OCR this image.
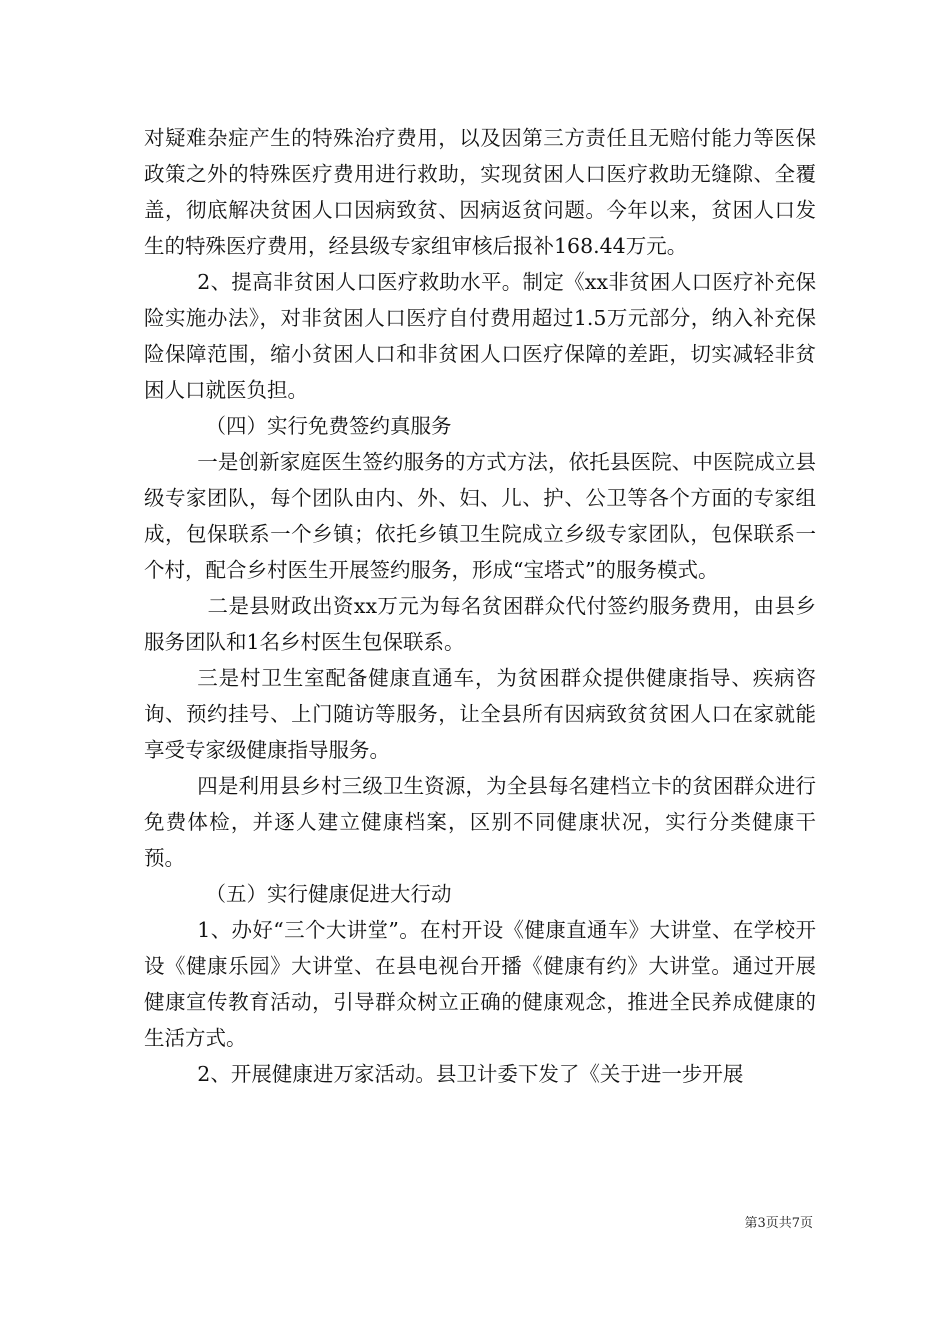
对疑难杂症产生的特殊治疗费用，以及因第三方责任且无赔付能力等医保政策之外的特殊医疗费用进行救助，实现贫困人口医疗救助无缝隙、全覆盖，彻底解决贫困人口因病致贫、因病返贫问题。今年以来，贫困人口发生的特殊医疗费用，经县级专家组审核后报补168.44万元。

2、提高非贫困人口医疗救助水平。制定《xx非贫困人口医疗补充保险实施办法》，对非贫困人口医疗自付费用超过1.5万元部分，纳入补充保险保障范围，缩小贫困人口和非贫困人口医疗保障的差距，切实减轻非贫困人口就医负担。

（四）实行免费签约真服务

一是创新家庭医生签约服务的方式方法，依托县医院、中医院成立县级专家团队，每个团队由内、外、妇、儿、护、公卫等各个方面的专家组成，包保联系一个乡镇；依托乡镇卫生院成立乡级专家团队，包保联系一个村，配合乡村医生开展签约服务，形成“宝塔式”的服务模式。

二是县财政出资xx万元为每名贫困群众代付签约服务费用，由县乡服务团队和1名乡村医生包保联系。

三是村卫生室配备健康直通车，为贫困群众提供健康指导、疾病咨询、预约挂号、上门随访等服务，让全县所有因病致贫贫困人口在家就能享受专家级健康指导服务。

四是利用县乡村三级卫生资源，为全县每名建档立卡的贫困群众进行免费体检，并逐人建立健康档案，区别不同健康状况，实行分类健康干预。

（五）实行健康促进大行动

1、办好“三个大讲堂”。在村开设《健康直通车》大讲堂、在学校开设《健康乐园》大讲堂、在县电视台开播《健康有约》大讲堂。通过开展健康宣传教育活动，引导群众树立正确的健康观念，推进全民养成健康的生活方式。

2、开展健康进万家活动。县卫计委下发了《关于进一步开展

第3页共7页
